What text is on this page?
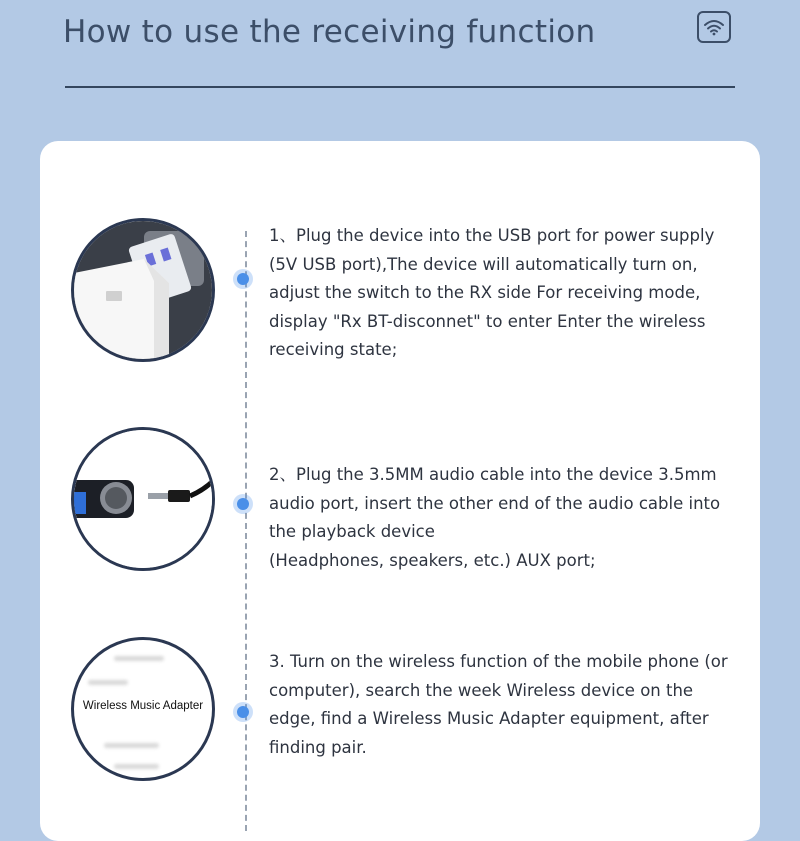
How to use the receiving function
1、Plug the device into the USB port for power supply (5V USB port),The device will automatically turn on, adjust the switch to the RX side For receiving mode, display "Rx BT-disconnet" to enter Enter the wireless receiving state;
2、Plug the 3.5MM audio cable into the device 3.5mm audio port, insert the other end of the audio cable into the playback device
(Headphones, speakers, etc.) AUX port;
Wireless Music Adapter
3. Turn on the wireless function of the mobile phone (or computer), search the week Wireless device on the edge, find a Wireless Music Adapter equipment, after finding pair.
